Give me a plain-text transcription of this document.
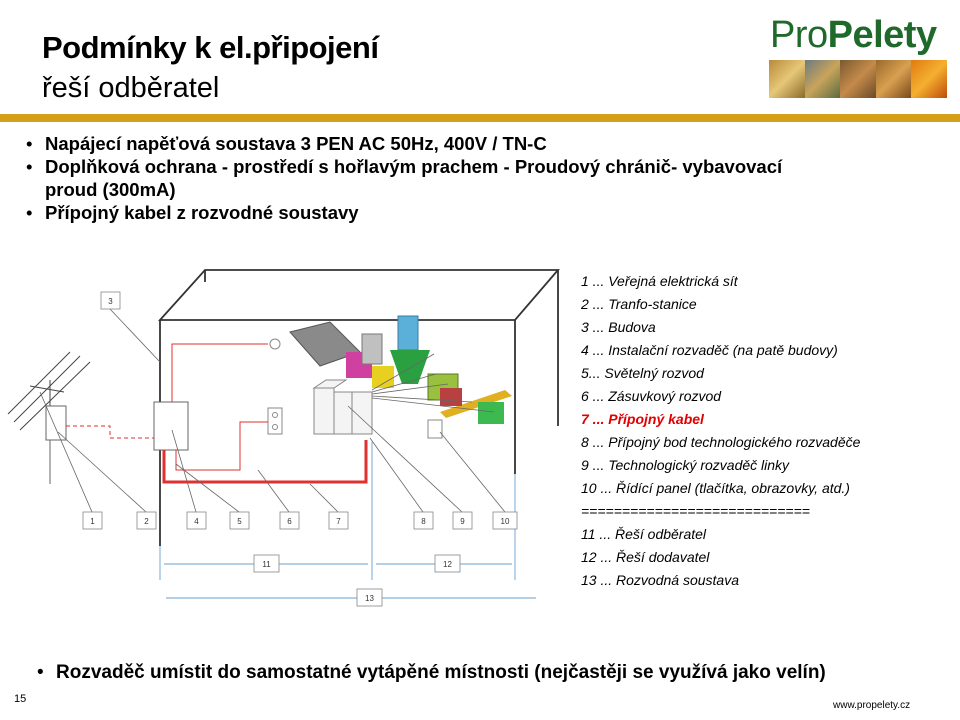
Podmínky k el.připojení
řeší odběratel
ProPelety
• Napájecí napěťová soustava 3 PEN AC 50Hz, 400V / TN-C
• Doplňková ochrana - prostředí s hořlavým prachem - Proudový chránič- vybavovací proud (300mA)
• Přípojný kabel z rozvodné soustavy
3
1	2	4	5	6	7	8	9	10
11	12
13
1 ... Veřejná elektrická sít
2 ... Tranfo-stanice
3 ... Budova
4 ... Instalační rozvaděč (na patě budovy)
5... Světelný rozvod
6 ... Zásuvkový rozvod
7 ... Přípojný kabel
8 ... Přípojný bod technologického rozvaděče
9 ... Technologický rozvaděč linky
10 ... Řídící panel (tlačítka, obrazovky, atd.)
============================
11 ... Řeší odběratel
12 ... Řeší dodavatel
13 ... Rozvodná soustava
• Rozvaděč umístit do samostatné vytápěné místnosti (nejčastěji se využívá jako velín)
15
www.propelety.cz
